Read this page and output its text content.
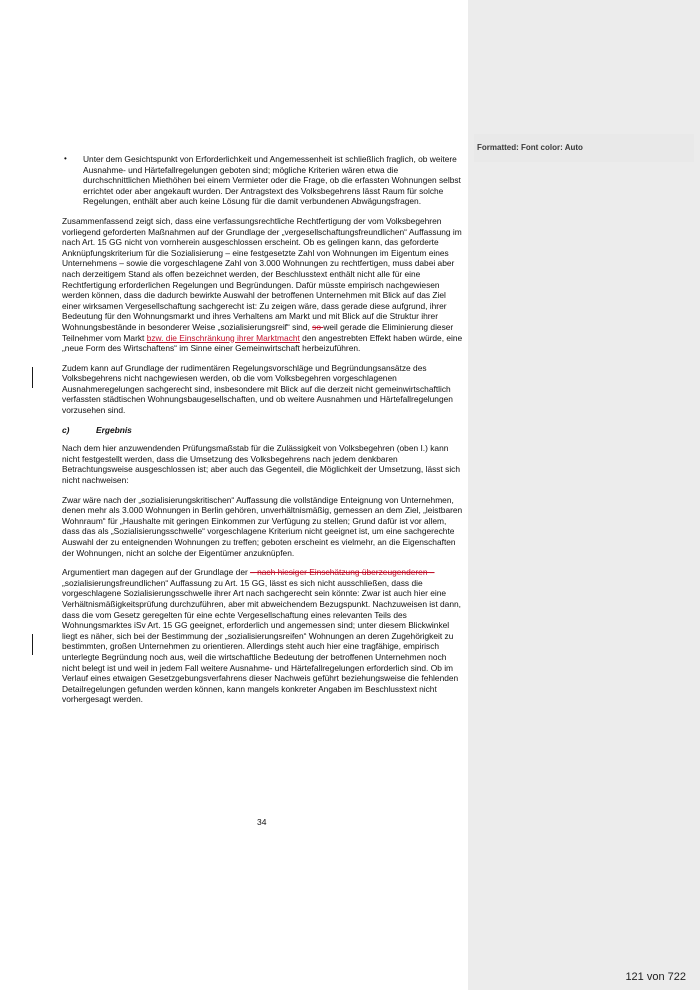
Formatted: Font color: Auto
•	Unter dem Gesichtspunkt von Erforderlichkeit und Angemessenheit ist schließlich fraglich, ob weitere Ausnahme- und Härtefallregelungen geboten sind; mögliche Kriterien wären etwa die durchschnittlichen Miethöhen bei einem Vermieter oder die Frage, ob die erfassten Wohnungen selbst errichtet oder aber angekauft wurden. Der Antragstext des Volksbegehrens lässt Raum für solche Regelungen, enthält aber auch keine Lösung für die damit verbundenen Abwägungsfragen.

Zusammenfassend zeigt sich, dass eine verfassungsrechtliche Rechtfertigung der vom Volksbegehren vorliegend geforderten Maßnahmen auf der Grundlage der „vergesellschaftungsfreundlichen“ Auffassung im nach Art. 15 GG nicht von vornherein ausgeschlossen erscheint. Ob es gelingen kann, das geforderte Anknüpfungskriterium für die Sozialisierung – eine festgesetzte Zahl von Wohnungen im Eigentum eines Unternehmens – sowie die vorgeschlagene Zahl von 3.000 Wohnungen zu rechtfertigen, muss dabei aber nach derzeitigem Stand als offen bezeichnet werden, der Beschlusstext enthält nicht alle für eine Rechtfertigung erforderlichen Regelungen und Begründungen. Dafür müsste empirisch nachgewiesen werden können, dass die dadurch bewirkte Auswahl der betroffenen Unternehmen mit Blick auf das Ziel einer wirksamen Vergesellschaftung sachgerecht ist: Zu zeigen wäre, dass gerade diese aufgrund, ihrer Bedeutung für den Wohnungsmarkt und ihres Verhaltens am Markt und mit Blick auf die Struktur ihrer Wohnungsbestände in besonderer Weise „sozialisierungsreif“ sind, so weil gerade die Eliminierung dieser Teilnehmer vom Markt bzw. die Einschränkung ihrer Marktmacht den angestrebten Effekt haben würde, eine „neue Form des Wirtschaftens“ im Sinne einer Gemeinwirtschaft herbeizuführen.

Zudem kann auf Grundlage der rudimentären Regelungsvorschläge und Begründungsansätze des Volksbegehrens nicht nachgewiesen werden, ob die vom Volksbegehren vorgeschlagenen Ausnahmeregelungen sachgerecht sind, insbesondere mit Blick auf die derzeit nicht gemeinwirtschaftlich verfassten städtischen Wohnungsbaugesellschaften, und ob weitere Ausnahmen und Härtefallregelungen vorzusehen sind.

c)	Ergebnis

Nach dem hier anzuwendenden Prüfungsmaßstab für die Zulässigkeit von Volksbegehren (oben I.) kann nicht festgestellt werden, dass die Umsetzung des Volksbegehrens nach jedem denkbaren Betrachtungsweise ausgeschlossen ist; aber auch das Gegenteil, die Möglichkeit der Umsetzung, lässt sich nicht nachweisen:

Zwar wäre nach der „sozialisierungskritischen“ Auffassung die vollständige Enteignung von Unternehmen, denen mehr als 3.000 Wohnungen in Berlin gehören, unverhältnismäßig, gemessen an dem Ziel, „leistbaren Wohnraum“ für „Haushalte mit geringen Einkommen zur Verfügung zu stellen; Grund dafür ist vor allem, dass das als „Sozialisierungsschwelle“ vorgeschlagene Kriterium nicht geeignet ist, um eine sachgerechte Auswahl der zu enteignenden Wohnungen zu treffen; geboten erscheint es vielmehr, an die Eigenschaften der Wohnungen, nicht an solche der Eigentümer anzuknüpfen.

Argumentiert man dagegen auf der Grundlage der – nach hiesiger Einschätzung überzeugenderen – „sozialisierungsfreundlichen“ Auffassung zu Art. 15 GG, lässt es sich nicht ausschließen, dass die vorgeschlagene Sozialisierungsschwelle ihrer Art nach sachgerecht sein könnte: Zwar ist auch hier eine Verhältnismäßigkeitsprüfung durchzuführen, aber mit abweichendem Bezugspunkt. Nachzuweisen ist dann, dass die vom Gesetz geregelten für eine echte Vergesellschaftung eines relevanten Teils des Wohnungsmarktes iSv Art. 15 GG geeignet, erforderlich und angemessen sind; unter diesem Blickwinkel liegt es näher, sich bei der Bestimmung der „sozialisierungsreifen“ Wohnungen an deren Zugehörigkeit zu bestimmten, großen Unternehmen zu orientieren. Allerdings steht auch hier eine tragfähige, empirisch unterlegte Begründung noch aus, weil die wirtschaftliche Bedeutung der betroffenen Unternehmen noch nicht belegt ist und weil in jedem Fall weitere Ausnahme- und Härtefallregelungen erforderlich sind. Ob im Verlauf eines etwaigen Gesetzgebungsverfahrens dieser Nachweis geführt beziehungsweise die fehlenden Detailregelungen gefunden werden können, kann mangels konkreter Angaben im Beschlusstext nicht vorhergesagt werden.

34
121 von 722
